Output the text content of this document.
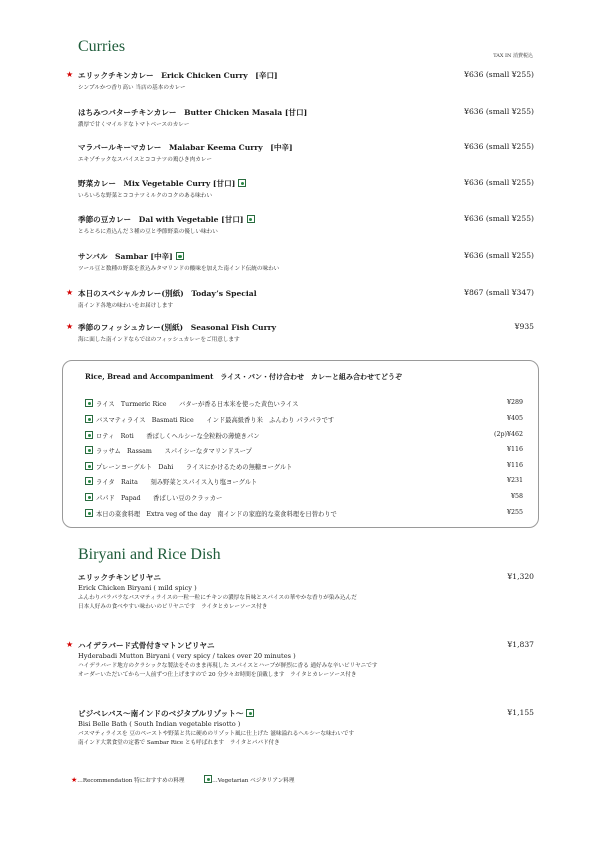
Curries
TAX IN 消費税込
★ エリックチキンカレー　Erick Chicken Curry　[辛口]	¥636 (small ¥255)
シンプルかつ香り高い 当店の基本のカレー
はちみつバターチキンカレー　Butter Chicken Masala [甘口]	¥636 (small ¥255)
濃厚で甘くマイルドなトマトベースのカレー
マラバールキーマカレー　Malabar Keema Curry　[中辛]	¥636 (small ¥255)
エキゾチックなスパイスとココナツの鶏ひき肉カレー
野菜カレー　Mix Vegetable Curry [甘口]	¥636 (small ¥255)
いろいろな野菜とココナツミルクのコクのある味わい
季節の豆カレー　Dal with Vegetable [甘口]	¥636 (small ¥255)
とろとろに煮込んだ３種の豆と季節野菜の優しい味わい
サンバル　Sambar [中辛]	¥636 (small ¥255)
ツール豆と数種の野菜を煮込みタマリンドの酸味を加えた南インド伝統の味わい
★ 本日のスペシャルカレー(別紙)　Today’s Special	¥867 (small ¥347)
南インド各地の味わいをお届けします
★ 季節のフィッシュカレー(別紙)　Seasonal Fish Curry	¥935
海に面した南インドならではのフィッシュカレーをご用意します
Rice, Bread and Accompaniment　ライス・パン・付け合わせ　カレーと組み合わせてどうぞ
ライス　Turmeric Rice　　バターが香る日本米を使った黄色いライス	¥289
バスマティライス　Basmati Rice　　インド最高級香り米　ふんわり パラパラです	¥405
ロティ　Roti　　香ばしくヘルシーな全粒粉の薄焼きパン	(2p)¥462
ラッサム　Rassam　　スパイシーなタマリンドスープ	¥116
プレーンヨーグルト　Dahi　　ライスにかけるための無糖ヨーグルト	¥116
ライタ　Raita　　刻み野菜とスパイス入り塩ヨーグルト	¥231
パパド　Papad　　香ばしい豆のクラッカー	¥58
本日の菜食料理　Extra veg of the day　南インドの家庭的な菜食料理を日替わりで	¥255
Biryani and Rice Dish
エリックチキンビリヤニ	¥1,320
Erick Chicken Biryani ( mild spicy )
ふんわりパラパラなバスマティライスの一粒一粒にチキンの濃厚な旨味とスパイスの華やかな香りが染み込んだ
日本人好みの食べやすい味わいのビリヤニです　ライタとカレーソース付き
★ ハイデラバード式骨付きマトンビリヤニ	¥1,837
Hyderabadi Mutton Biryani ( very spicy / takes over 20 minutes )
ハイデラバード地方のクラシックな製法をそのまま再現した スパイスとハーブが鮮烈に香る 通好みな辛いビリヤニです
オーダーいただいてから一人前ずつ仕上げますので 20 分少々お時間を頂戴します　ライタとカレーソース付き
ビジベレバス～南インドのベジタブルリゾット～	¥1,155
Bisi Belle Bath ( South Indian vegetable risotto )
バスマティライスを 豆のペーストや野菜と共に硬めのリゾット風に仕上げた 滋味溢れるヘルシーな味わいです
南インド大衆食堂の定番で Sambar Rice とも呼ばれます　ライタとパパド付き
★…Recommendation 特におすすめの料理	…Vegetarian ベジタリアン料理
